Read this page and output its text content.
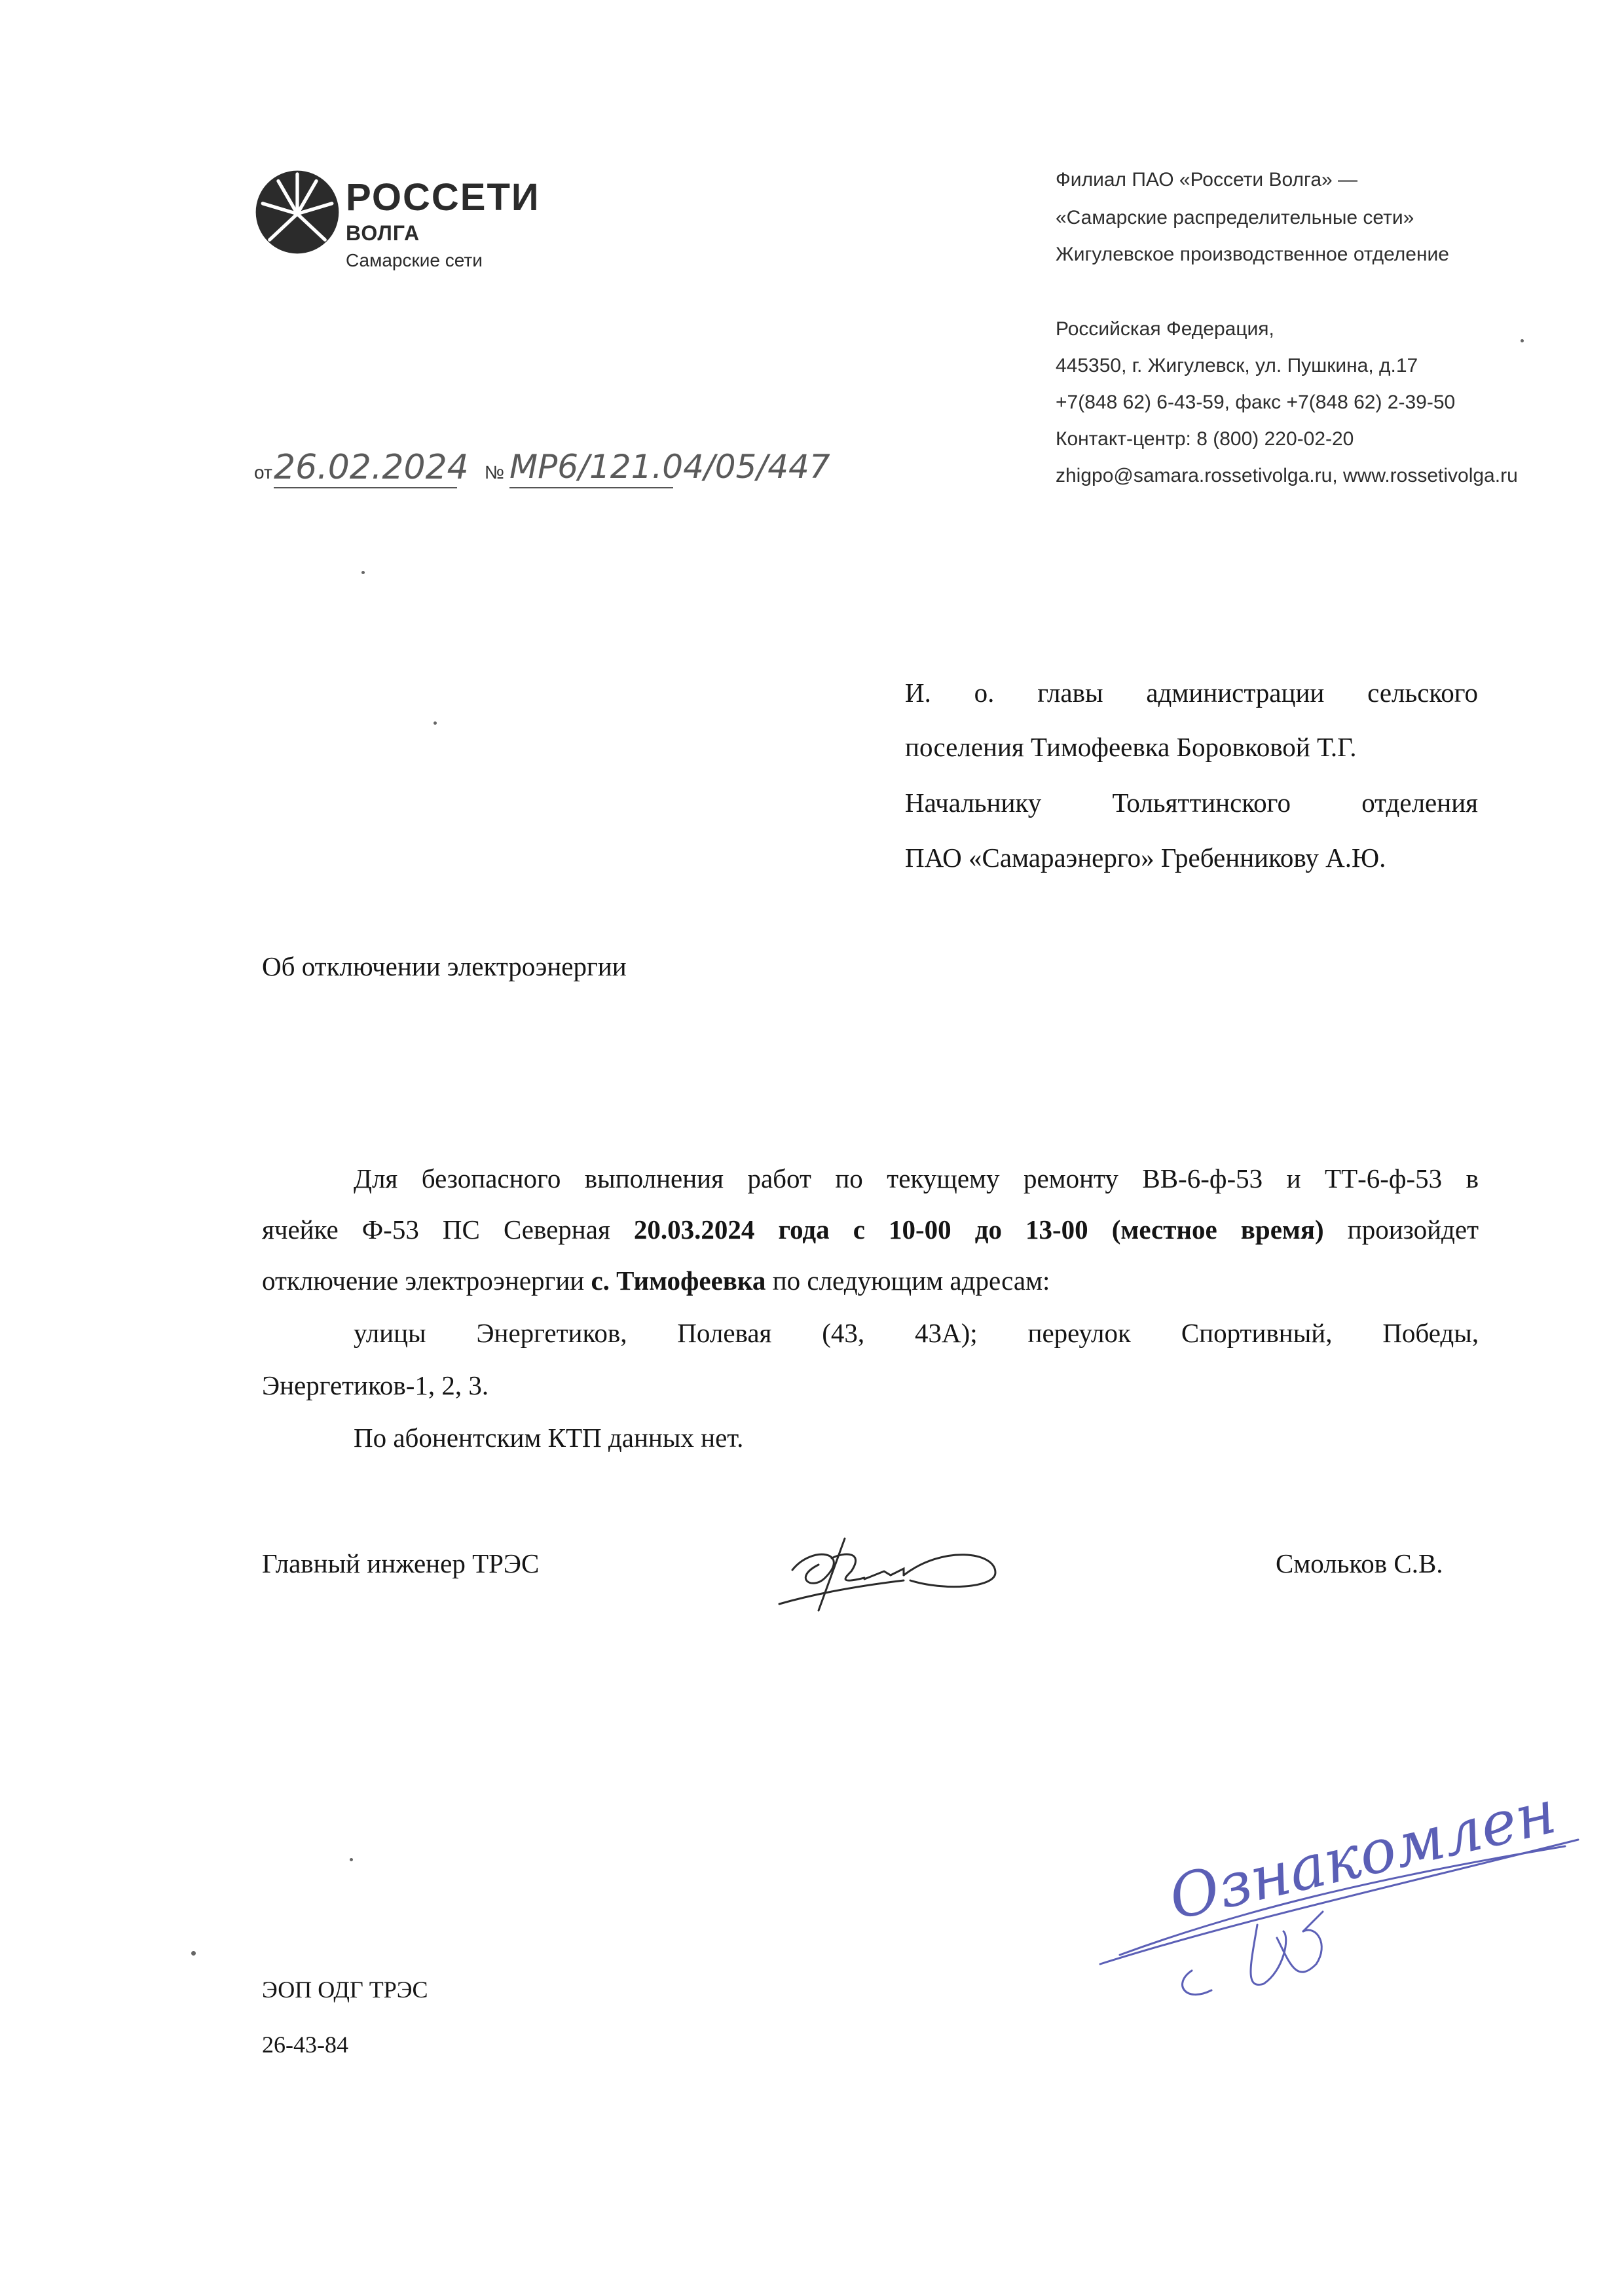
РОССЕТИ
ВОЛГА
Самарские сети
Филиал ПАО «Россети Волга» —
«Самарские распределительные сети»
Жигулевское производственное отделение
Российская Федерация,
445350, г. Жигулевск, ул. Пушкина, д.17
+7(848 62) 6-43-59, факс +7(848 62) 2-39-50
Контакт-центр: 8 (800) 220-02-20
zhigpo@samara.rossetivolga.ru, www.rossetivolga.ru
от 26.02.2024 № МР6/121.04/05/447
И. о. главы администрации сельского
поселения Тимофеевка Боровковой Т.Г.
Начальнику	Тольяттинского	отделения
ПАО «Самараэнерго» Гребенникову А.Ю.
Об отключении электроэнергии
Для безопасного выполнения работ по текущему ремонту ВВ-6-ф-53 и ТТ-6-ф-53 в
ячейке Ф-53 ПС Северная 20.03.2024 года с 10-00 до 13-00 (местное время) произойдет
отключение электроэнергии с. Тимофеевка по следующим адресам:
улицы Энергетиков, Полевая (43, 43А); переулок Спортивный, Победы,
Энергетиков-1, 2, 3.
По абонентским КТП данных нет.
Главный инженер ТРЭС	Смольков С.В.
Ознакомлен
ЭОП ОДГ ТРЭС
26-43-84
